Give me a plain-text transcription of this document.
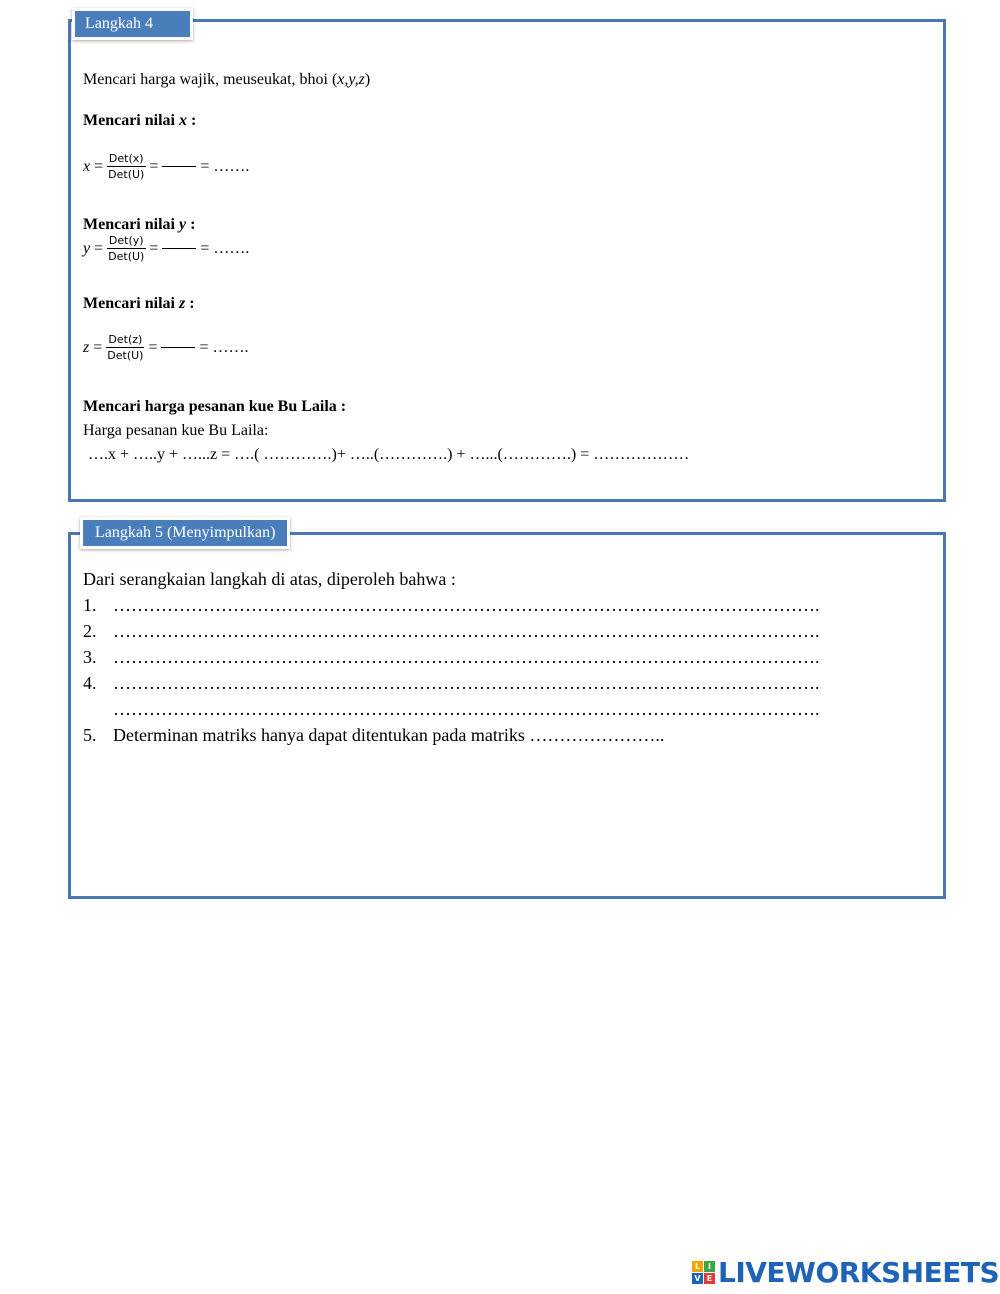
Langkah 4
Mencari harga wajik, meuseukat, bhoi (x,y,z)
Mencari nilai x :
$x = \frac{\text{Det(x)}}{\text{Det(U)}}$ =	= …….
Mencari nilai y :
$y = \frac{\text{Det(y)}}{\text{Det(U)}}$ =	= …….
Mencari nilai z :
$z = \frac{\text{Det(z)}}{\text{Det(U)}}$ =	= …….
Mencari harga pesanan kue Bu Laila :
Harga pesanan kue Bu Laila:
….x + …..y + …...z = ….( ………….)+ …..(………….) + …...(………….) = ………………
Langkah 5 (Menyimpulkan)
Dari serangkaian langkah di atas, diperoleh bahwa :
1. ……………………………………………………………………………………………………….
2. ……………………………………………………………………………………………………….
3. ……………………………………………………………………………………………………….
4. ……………………………………………………………………………………………………….
……………………………………………………………………………………………………….
5. Determinan matriks hanya dapat ditentukan pada matriks …………………..
L I
V E LIVEWORKSHEETS
